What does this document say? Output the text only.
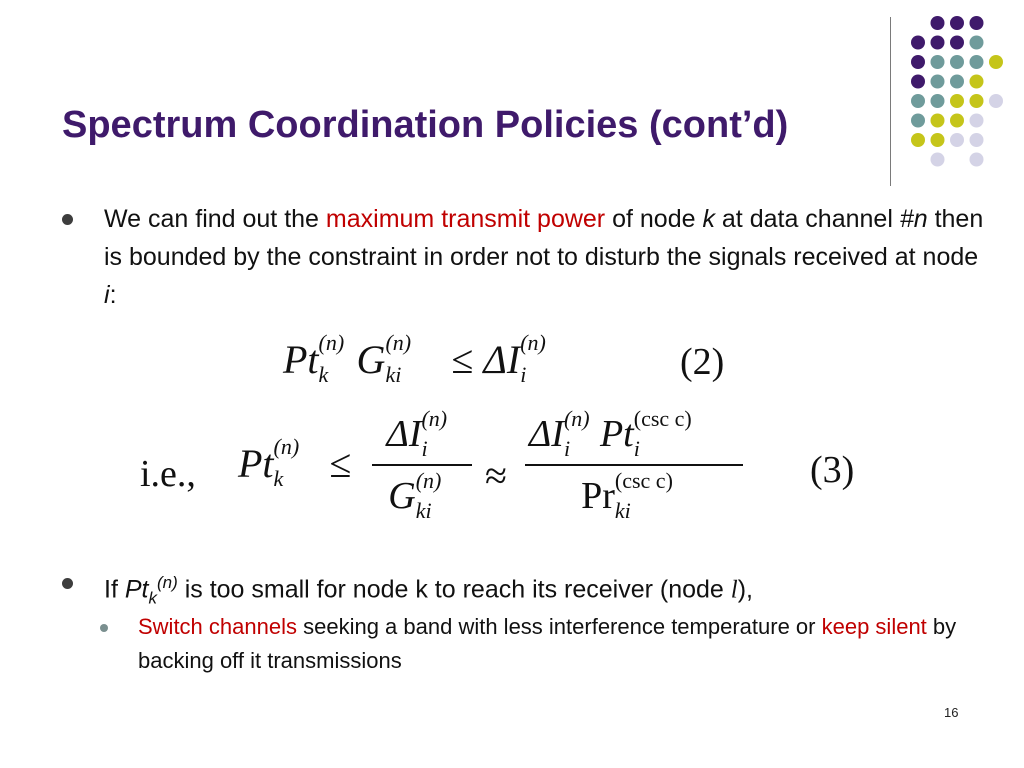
Spectrum Coordination Policies (cont’d)
We can find out the maximum transmit power of node k at data channel #n then is bounded by the constraint in order not to disturb the signals received at node i:
Pt (n)
k G (n)
ki ≤ ΔI (n)
i	(2)
i.e., Pt (n)
k ≤
ΔI (n)
i
G (n)
ki
≈
ΔI (n)
i Pt (csc c)
i
Pr (csc c)
ki
(3)
If $Pt_k^{(n)}$ is too small for node k to reach its receiver (node l),
Switch channels seeking a band with less interference temperature or keep silent by backing off it transmissions
16
